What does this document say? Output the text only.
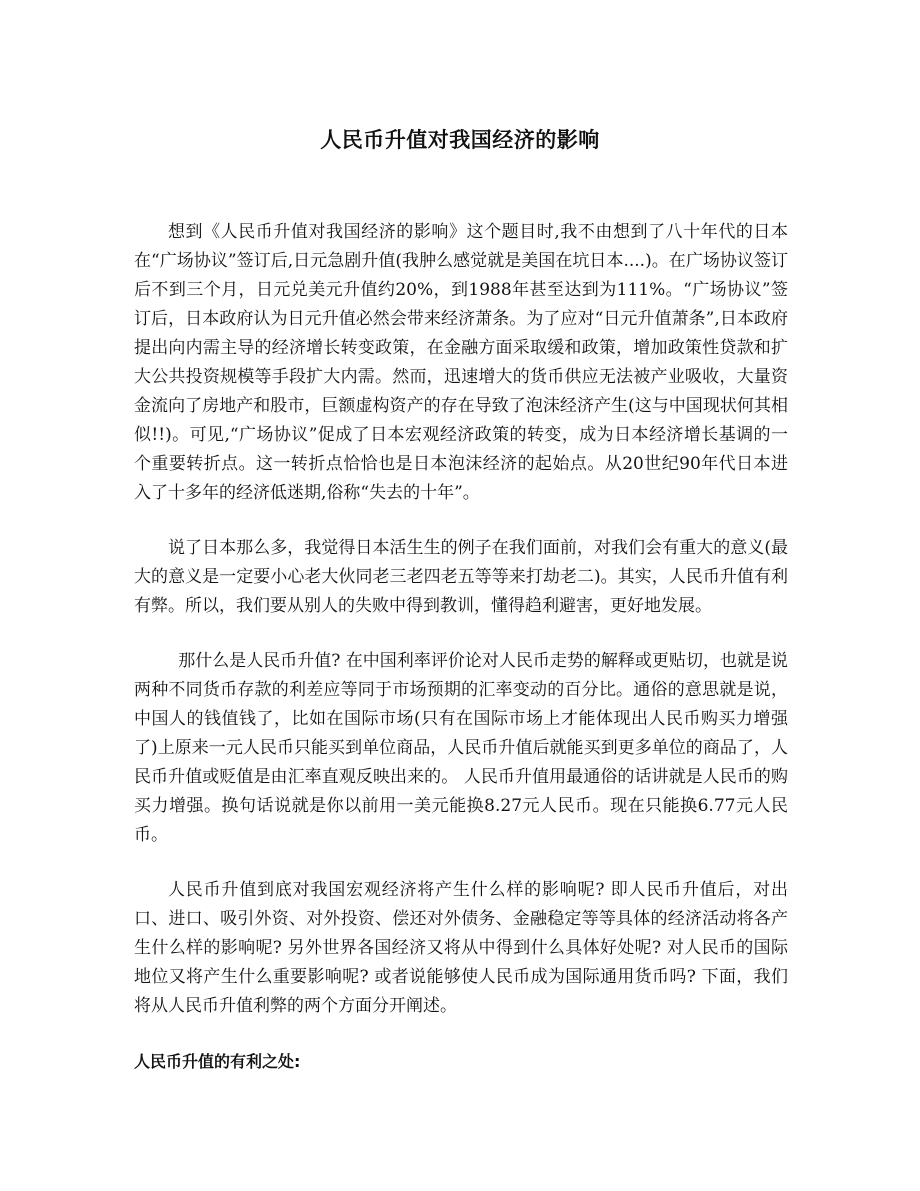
人民币升值对我国经济的影响

想到《人民币升值对我国经济的影响》这个题目时,我不由想到了八十年代的日本在“广场协议”签订后,日元急剧升值(我肿么感觉就是美国在坑日本....)。在广场协议签订后不到三个月，日元兑美元升值约20%，到1988年甚至达到为111%。“广场协议”签订后，日本政府认为日元升值必然会带来经济萧条。为了应对“日元升值萧条”,日本政府提出向内需主导的经济增长转变政策，在金融方面采取缓和政策，增加政策性贷款和扩大公共投资规模等手段扩大内需。然而，迅速增大的货币供应无法被产业吸收，大量资金流向了房地产和股市，巨额虚构资产的存在导致了泡沫经济产生(这与中国现状何其相似!!)。可见,“广场协议”促成了日本宏观经济政策的转变，成为日本经济增长基调的一个重要转折点。这一转折点恰恰也是日本泡沫经济的起始点。从20世纪90年代日本进入了十多年的经济低迷期,俗称“失去的十年”。

说了日本那么多，我觉得日本活生生的例子在我们面前，对我们会有重大的意义(最大的意义是一定要小心老大伙同老三老四老五等等来打劫老二)。其实，人民币升值有利有弊。所以，我们要从别人的失败中得到教训，懂得趋利避害，更好地发展。

那什么是人民币升值? 在中国利率评价论对人民币走势的解释或更贴切，也就是说两种不同货币存款的利差应等同于市场预期的汇率变动的百分比。通俗的意思就是说，中国人的钱值钱了，比如在国际市场(只有在国际市场上才能体现出人民币购买力增强了)上原来一元人民币只能买到单位商品，人民币升值后就能买到更多单位的商品了，人民币升值或贬值是由汇率直观反映出来的。 人民币升值用最通俗的话讲就是人民币的购买力增强。换句话说就是你以前用一美元能换8.27元人民币。现在只能换6.77元人民币。

人民币升值到底对我国宏观经济将产生什么样的影响呢? 即人民币升值后，对出口、进口、吸引外资、对外投资、偿还对外债务、金融稳定等等具体的经济活动将各产生什么样的影响呢? 另外世界各国经济又将从中得到什么具体好处呢? 对人民币的国际地位又将产生什么重要影响呢? 或者说能够使人民币成为国际通用货币吗? 下面，我们将从人民币升值利弊的两个方面分开阐述。

人民币升值的有利之处:
